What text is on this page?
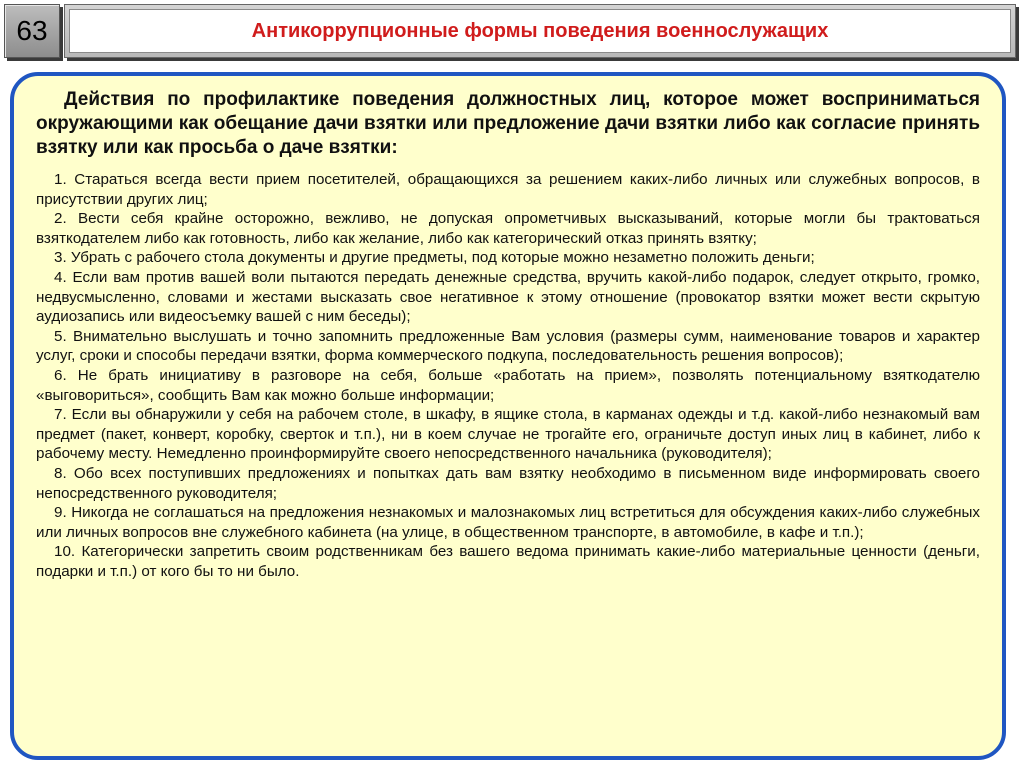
63	Антикоррупционные формы поведения военнослужащих

Действия по профилактике поведения должностных лиц, которое может восприниматься окружающими как обещание дачи взятки или предложение дачи взятки либо как согласие принять взятку или как просьба о даче взятки:

1. Стараться всегда вести прием посетителей, обращающихся за решением каких-либо личных или служебных вопросов, в присутствии других лиц;

2. Вести себя крайне осторожно, вежливо, не допуская опрометчивых высказываний, которые могли бы трактоваться взяткодателем либо как готовность, либо как желание, либо как категорический отказ принять взятку;

3. Убрать с рабочего стола документы и другие предметы, под которые можно незаметно положить деньги;

4. Если вам против вашей воли пытаются передать денежные средства, вручить какой-либо подарок, следует открыто, громко, недвусмысленно, словами и жестами высказать свое негативное к этому отношение (провокатор взятки может вести скрытую аудиозапись или видеосъемку вашей с ним беседы);

5. Внимательно выслушать и точно запомнить предложенные Вам условия (размеры сумм, наименование товаров и характер услуг, сроки и способы передачи взятки, форма коммерческого подкупа, последовательность решения вопросов);

6. Не брать инициативу в разговоре на себя, больше «работать на прием», позволять потенциальному взяткодателю «выговориться», сообщить Вам как можно больше информации;

7. Если вы обнаружили у себя на рабочем столе, в шкафу, в ящике стола, в карманах одежды и т.д. какой-либо незнакомый вам предмет (пакет, конверт, коробку, сверток и т.п.), ни в коем случае не трогайте его, ограничьте доступ иных лиц в кабинет, либо к рабочему месту. Немедленно проинформируйте своего непосредственного начальника (руководителя);

8. Обо всех поступивших предложениях и попытках дать вам взятку необходимо в письменном виде информировать своего непосредственного руководителя;

9. Никогда не соглашаться на предложения незнакомых и малознакомых лиц встретиться для обсуждения каких-либо служебных или личных вопросов вне служебного кабинета (на улице, в общественном транспорте, в автомобиле, в кафе и т.п.);

10. Категорически запретить своим родственникам без вашего ведома принимать какие-либо материальные ценности (деньги, подарки и т.п.) от кого бы то ни было.
